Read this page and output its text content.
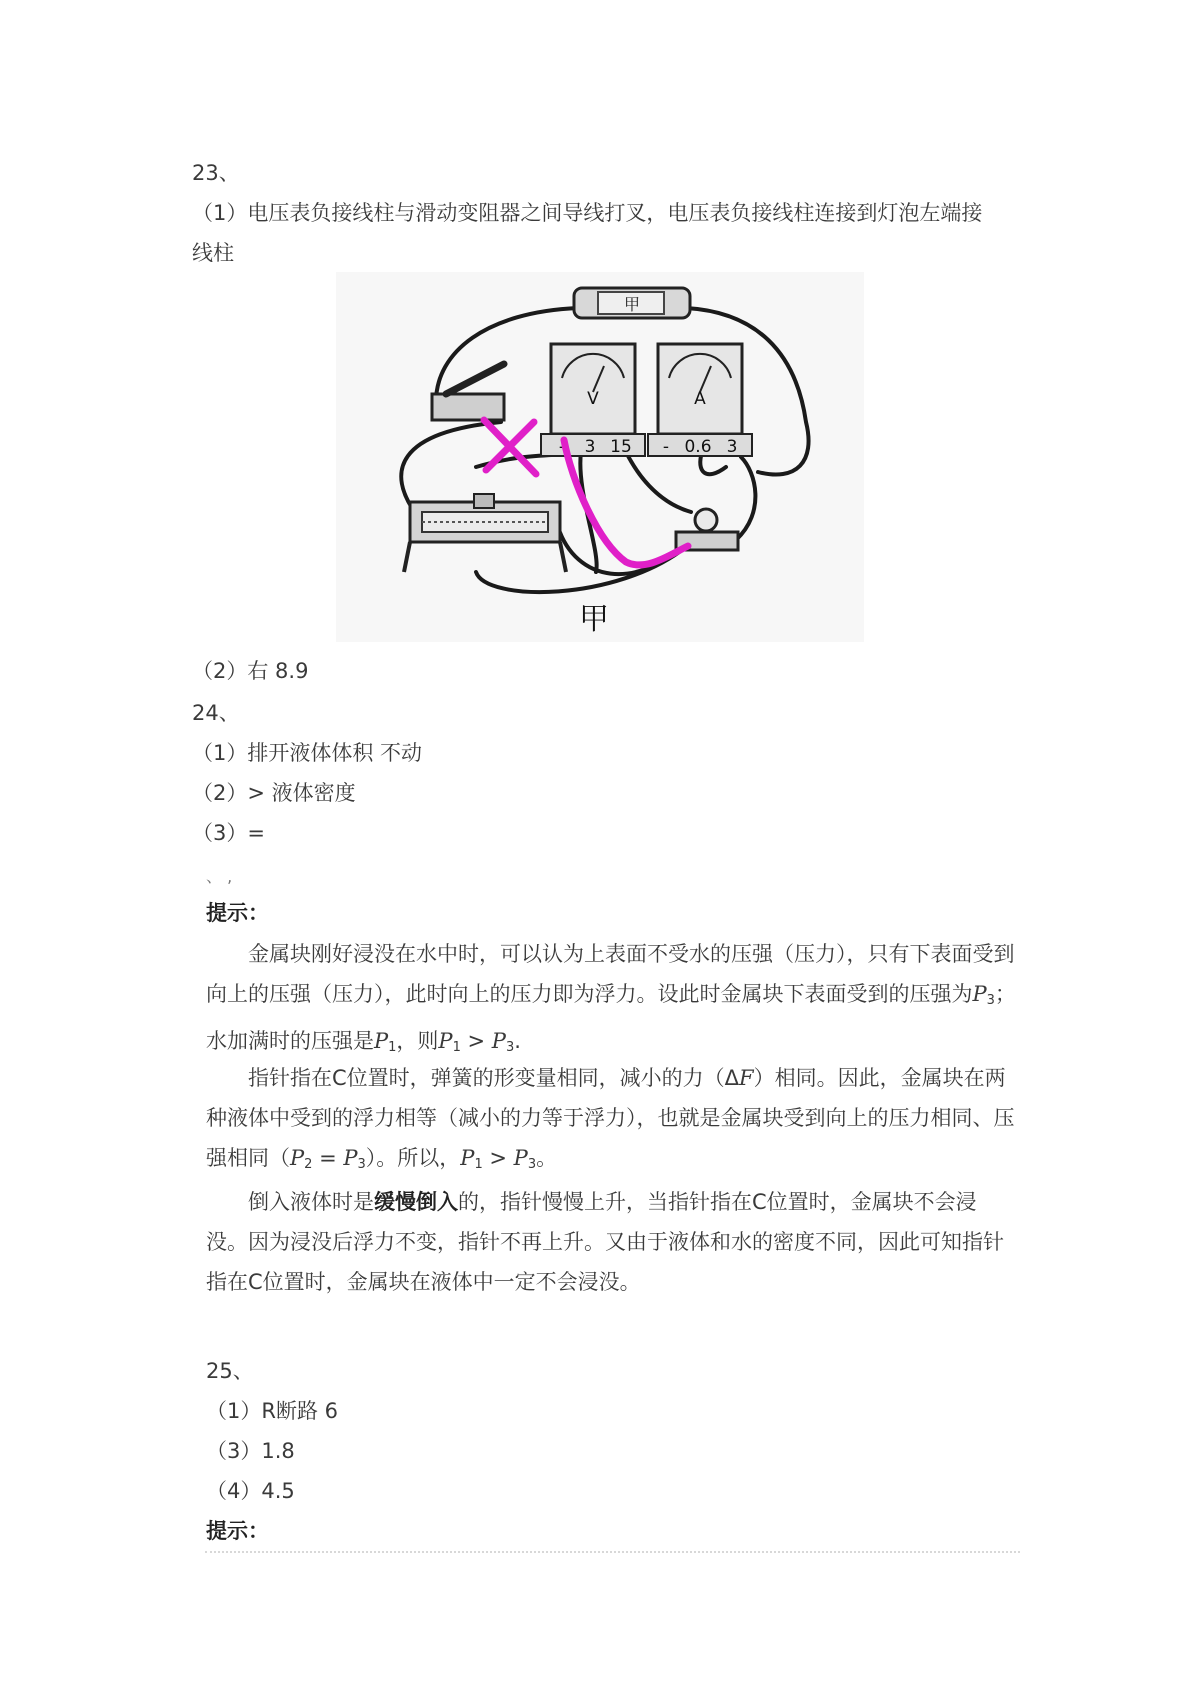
23、
（1）电压表负接线柱与滑动变阻器之间导线打叉，电压表负接线柱连接到灯泡左端接
线柱
甲
V
- 3 15
A
- 0.6 3
甲
（2）右 8.9
24、
（1）排开液体体积 不动
（2）> 液体密度
（3）=
、 ,
提示：
金属块刚好浸没在水中时，可以认为上表面不受水的压强（压力），只有下表面受到向上的压强（压力），此时向上的压力即为浮力。设此时金属块下表面受到的压强为$P_3$；水加满时的压强是$P_1$，则$P_1 > P_3$.
指针指在C位置时，弹簧的形变量相同，减小的力（ΔF）相同。因此，金属块在两种液体中受到的浮力相等（减小的力等于浮力），也就是金属块受到向上的压力相同、压强相同$(P_2 = P_3)$。所以，$P_1 > P_3$。
倒入液体时是缓慢倒入的，指针慢慢上升，当指针指在C位置时，金属块不会浸没。因为浸没后浮力不变，指针不再上升。又由于液体和水的密度不同，因此可知指针指在C位置时，金属块在液体中一定不会浸没。
25、
（1）R断路 6
（3）1.8
（4）4.5
提示：
